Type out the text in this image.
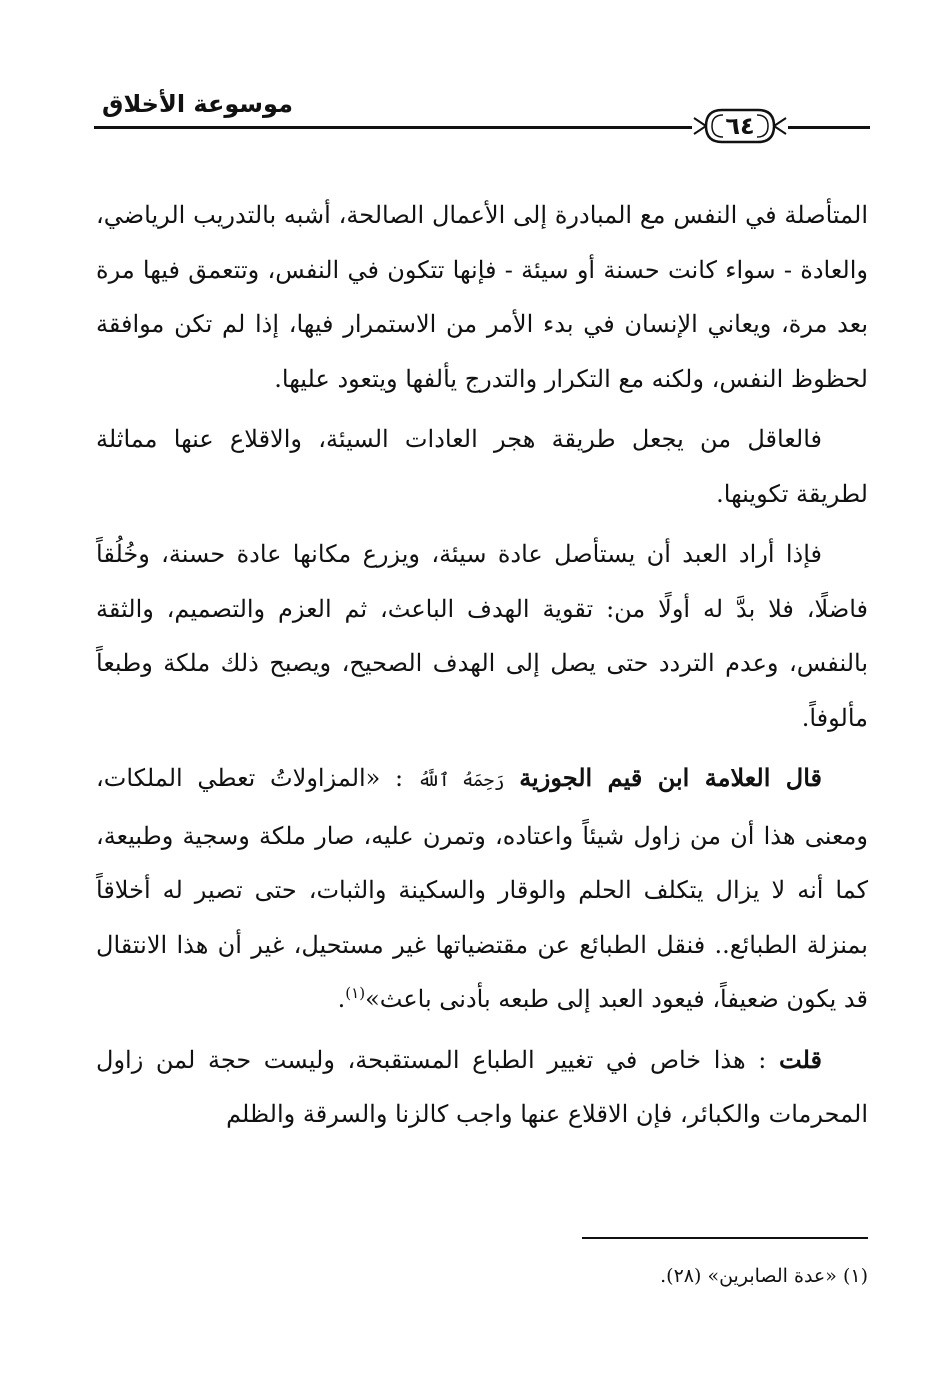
موسوعة الأخلاق
٦٤

المتأصلة في النفس مع المبادرة إلى الأعمال الصالحة، أشبه بالتدريب الرياضي، والعادة - سواء كانت حسنة أو سيئة - فإنها تتكون في النفس، وتتعمق فيها مرة بعد مرة، ويعاني الإنسان في بدء الأمر من الاستمرار فيها، إذا لم تكن موافقة لحظوظ النفس، ولكنه مع التكرار والتدرج يألفها ويتعود عليها.

فالعاقل من يجعل طريقة هجر العادات السيئة، والاقلاع عنها مماثلة لطريقة تكوينها.

فإذا أراد العبد أن يستأصل عادة سيئة، ويزرع مكانها عادة حسنة، وخُلُقاً فاضلًا، فلا بدَّ له أولًا من: تقوية الهدف الباعث، ثم العزم والتصميم، والثقة بالنفس، وعدم التردد حتى يصل إلى الهدف الصحيح، ويصبح ذلك ملكة وطبعاً مألوفاً.

قال العلامة ابن قيم الجوزية رَحِمَهُ ٱللَّهُ : «المزاولاتُ تعطي الملكات، ومعنى هذا أن من زاول شيئاً واعتاده، وتمرن عليه، صار ملكة وسجية وطبيعة، كما أنه لا يزال يتكلف الحلم والوقار والسكينة والثبات، حتى تصير له أخلاقاً بمنزلة الطبائع.. فنقل الطبائع عن مقتضياتها غير مستحيل، غير أن هذا الانتقال قد يكون ضعيفاً، فيعود العبد إلى طبعه بأدنى باعث»$^{(١)}$.

قلت : هذا خاص في تغيير الطباع المستقبحة، وليست حجة لمن زاول المحرمات والكبائر، فإن الاقلاع عنها واجب كالزنا والسرقة والظلم

(١) «عدة الصابرين» (٢٨).
